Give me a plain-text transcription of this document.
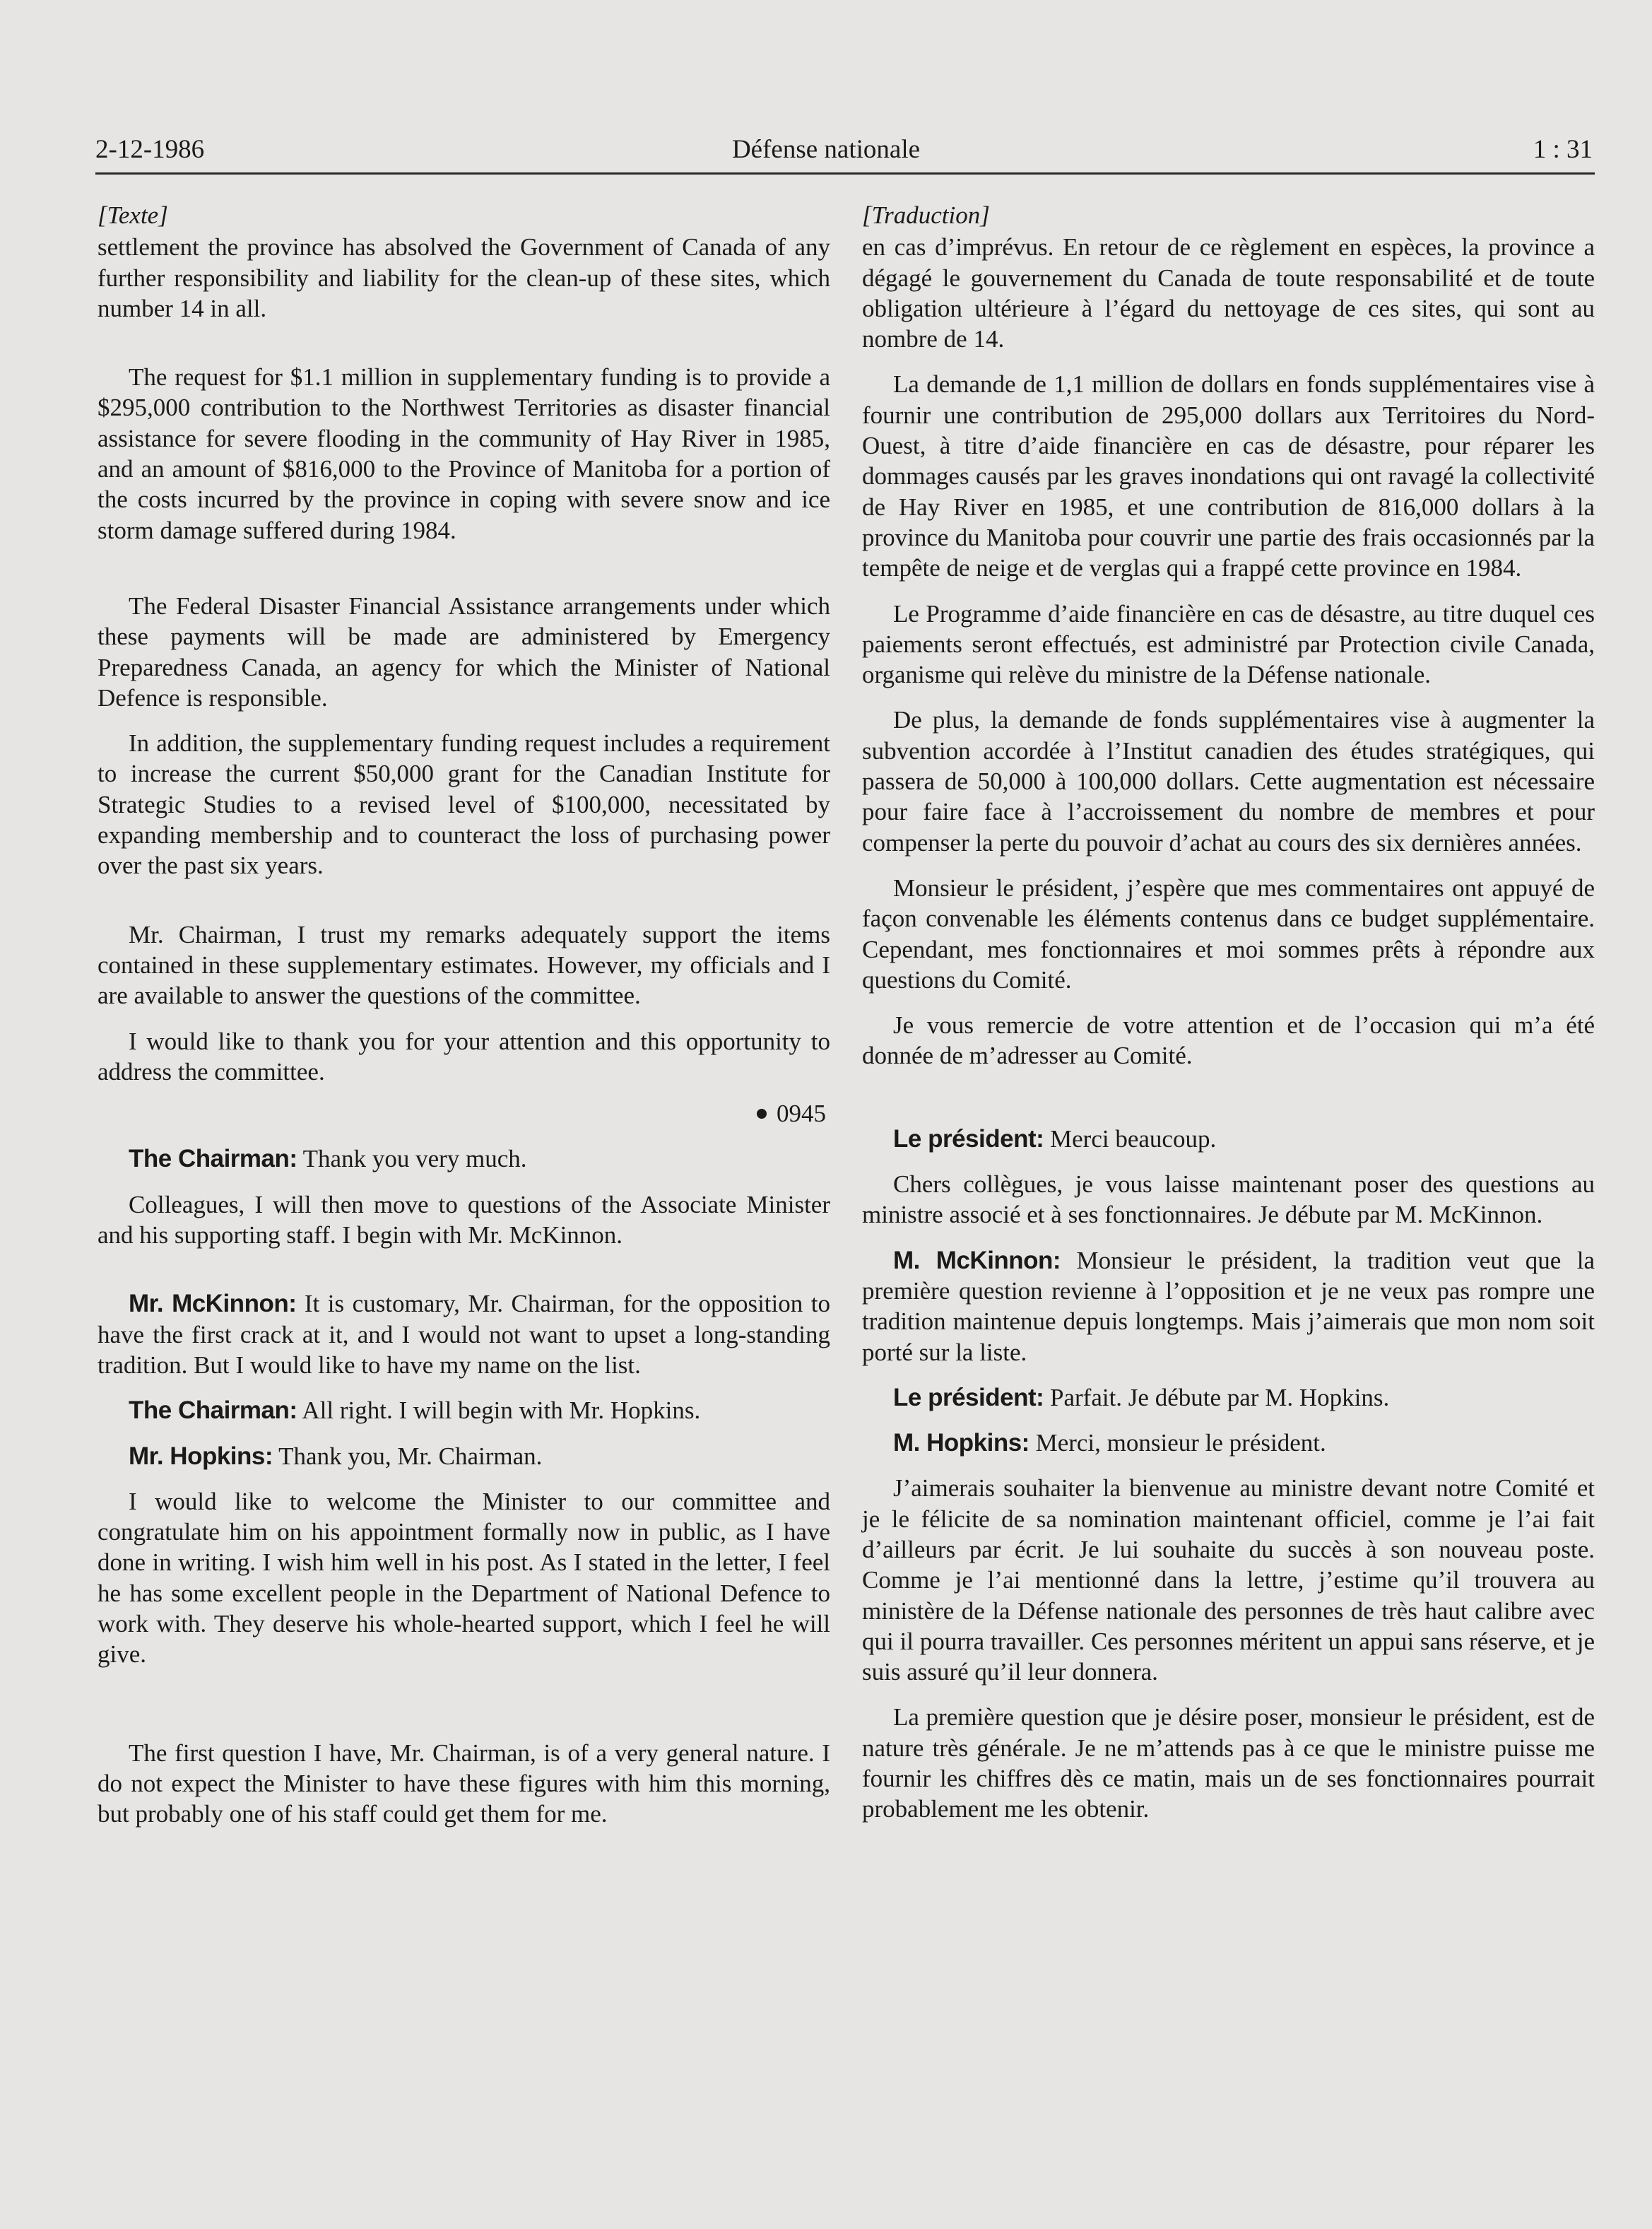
Défense nationale
2-12-1986	1 : 31

[Texte]

settlement the province has absolved the Government of Canada of any further responsibility and liability for the clean-up of these sites, which number 14 in all.

The request for $1.1 million in supplementary funding is to provide a $295,000 contribution to the Northwest Territories as disaster financial assistance for severe flooding in the community of Hay River in 1985, and an amount of $816,000 to the Province of Manitoba for a portion of the costs incurred by the province in coping with severe snow and ice storm damage suffered during 1984.

The Federal Disaster Financial Assistance arrangements under which these payments will be made are administered by Emergency Preparedness Canada, an agency for which the Minister of National Defence is responsible.

In addition, the supplementary funding request includes a requirement to increase the current $50,000 grant for the Canadian Institute for Strategic Studies to a revised level of $100,000, necessitated by expanding membership and to counteract the loss of purchasing power over the past six years.

Mr. Chairman, I trust my remarks adequately support the items contained in these supplementary estimates. However, my officials and I are available to answer the questions of the committee.

I would like to thank you for your attention and this opportunity to address the committee.

0945

The Chairman: Thank you very much.

Colleagues, I will then move to questions of the Associate Minister and his supporting staff. I begin with Mr. McKinnon.

Mr. McKinnon: It is customary, Mr. Chairman, for the opposition to have the first crack at it, and I would not want to upset a long-standing tradition. But I would like to have my name on the list.

The Chairman: All right. I will begin with Mr. Hopkins.

Mr. Hopkins: Thank you, Mr. Chairman.

I would like to welcome the Minister to our committee and congratulate him on his appointment formally now in public, as I have done in writing. I wish him well in his post. As I stated in the letter, I feel he has some excellent people in the Department of National Defence to work with. They deserve his whole-hearted support, which I feel he will give.

The first question I have, Mr. Chairman, is of a very general nature. I do not expect the Minister to have these figures with him this morning, but probably one of his staff could get them for me.

[Traduction]

en cas d’imprévus. En retour de ce règlement en espèces, la province a dégagé le gouvernement du Canada de toute responsabilité et de toute obligation ultérieure à l’égard du nettoyage de ces sites, qui sont au nombre de 14.

La demande de 1,1 million de dollars en fonds supplémentaires vise à fournir une contribution de 295,000 dollars aux Territoires du Nord-Ouest, à titre d’aide financière en cas de désastre, pour réparer les dommages causés par les graves inondations qui ont ravagé la collectivité de Hay River en 1985, et une contribution de 816,000 dollars à la province du Manitoba pour couvrir une partie des frais occasionnés par la tempête de neige et de verglas qui a frappé cette province en 1984.

Le Programme d’aide financière en cas de désastre, au titre duquel ces paiements seront effectués, est administré par Protection civile Canada, organisme qui relève du ministre de la Défense nationale.

De plus, la demande de fonds supplémentaires vise à augmenter la subvention accordée à l’Institut canadien des études stratégiques, qui passera de 50,000 à 100,000 dollars. Cette augmentation est nécessaire pour faire face à l’accroissement du nombre de membres et pour compenser la perte du pouvoir d’achat au cours des six dernières années.

Monsieur le président, j’espère que mes commentaires ont appuyé de façon convenable les éléments contenus dans ce budget supplémentaire. Cependant, mes fonctionnaires et moi sommes prêts à répondre aux questions du Comité.

Je vous remercie de votre attention et de l’occasion qui m’a été donnée de m’adresser au Comité.

Le président: Merci beaucoup.

Chers collègues, je vous laisse maintenant poser des questions au ministre associé et à ses fonctionnaires. Je débute par M. McKinnon.

M. McKinnon: Monsieur le président, la tradition veut que la première question revienne à l’opposition et je ne veux pas rompre une tradition maintenue depuis longtemps. Mais j’aimerais que mon nom soit porté sur la liste.

Le président: Parfait. Je débute par M. Hopkins.

M. Hopkins: Merci, monsieur le président.

J’aimerais souhaiter la bienvenue au ministre devant notre Comité et je le félicite de sa nomination maintenant officiel, comme je l’ai fait d’ailleurs par écrit. Je lui souhaite du succès à son nouveau poste. Comme je l’ai mentionné dans la lettre, j’estime qu’il trouvera au ministère de la Défense nationale des personnes de très haut calibre avec qui il pourra travailler. Ces personnes méritent un appui sans réserve, et je suis assuré qu’il leur donnera.

La première question que je désire poser, monsieur le président, est de nature très générale. Je ne m’attends pas à ce que le ministre puisse me fournir les chiffres dès ce matin, mais un de ses fonctionnaires pourrait probablement me les obtenir.
